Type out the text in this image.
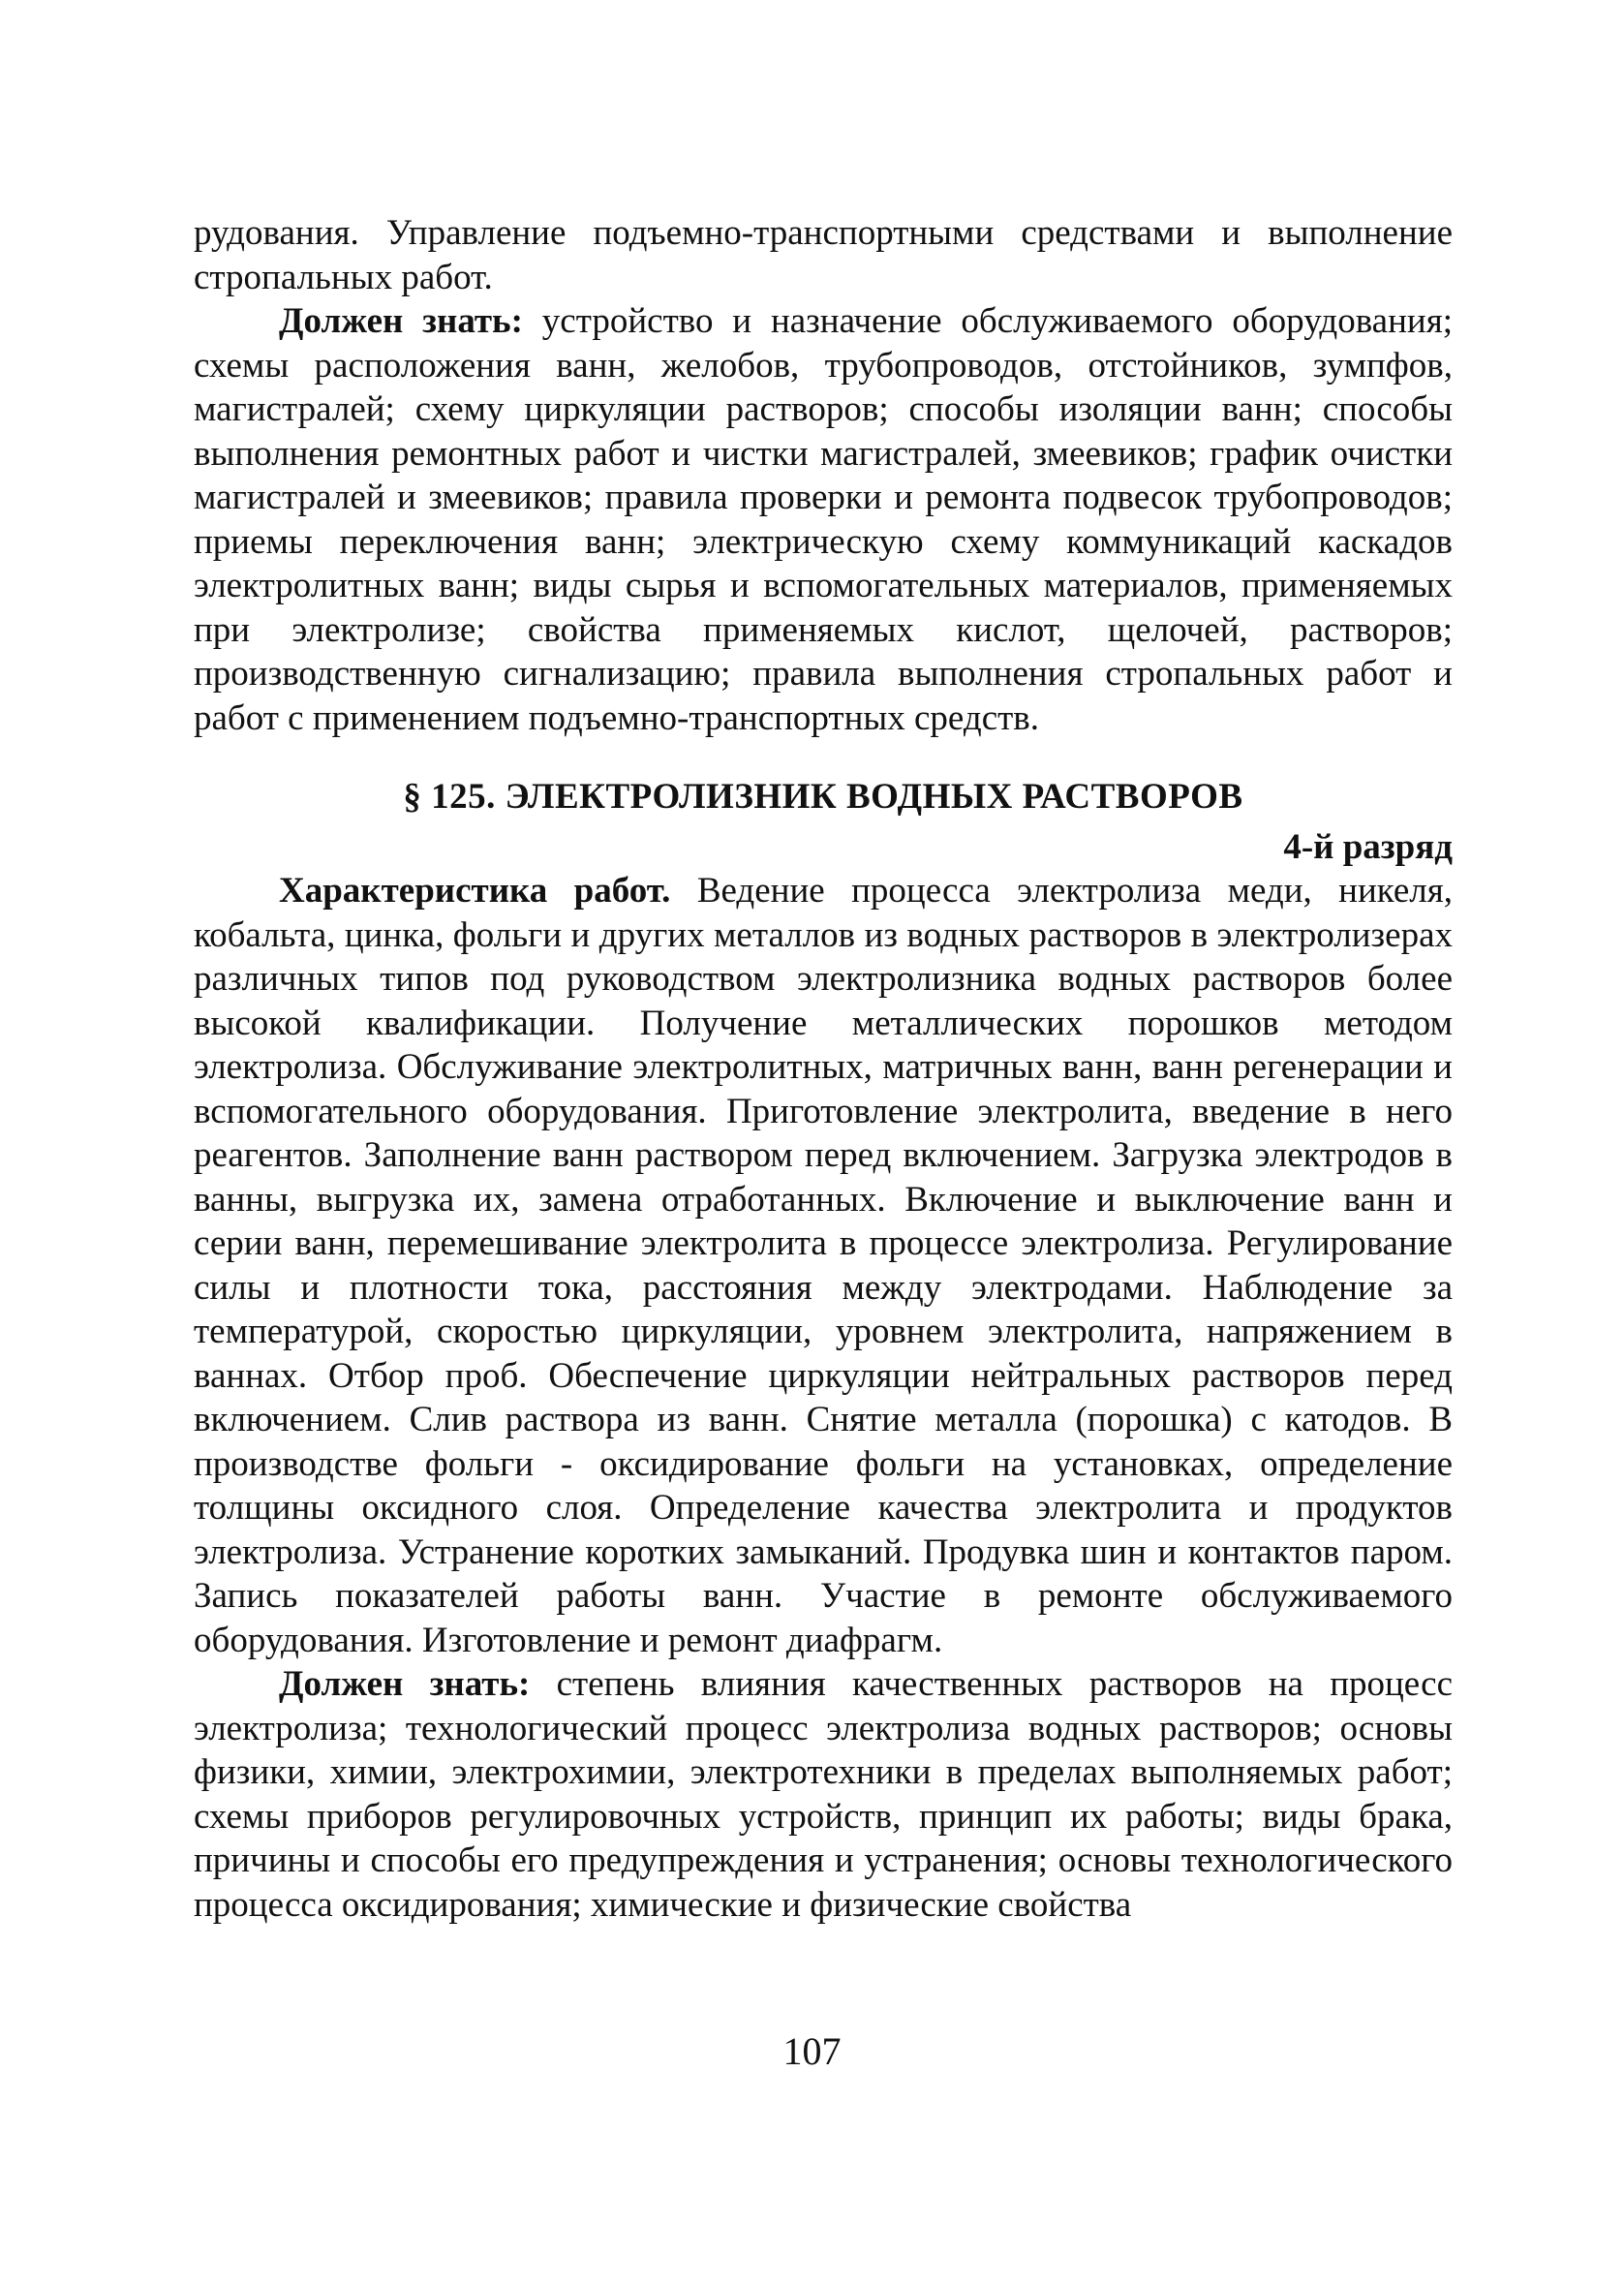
рудования. Управление подъемно-транспортными средствами и выполнение стропальных работ.

Должен знать: устройство и назначение обслуживаемого оборудования; схемы расположения ванн, желобов, трубопроводов, отстойников, зумпфов, магистралей; схему циркуляции растворов; способы изоляции ванн; способы выполнения ремонтных работ и чистки магистралей, змеевиков; график очистки магистралей и змеевиков; правила проверки и ремонта подвесок трубопроводов; приемы переключения ванн; электрическую схему коммуникаций каскадов электролитных ванн; виды сырья и вспомогательных материалов, применяемых при электролизе; свойства применяемых кислот, щелочей, растворов; производственную сигнализацию; правила выполнения стропальных работ и работ с применением подъемно-транспортных средств.

§ 125. ЭЛЕКТРОЛИЗНИК ВОДНЫХ РАСТВОРОВ

4-й разряд

Характеристика работ. Ведение процесса электролиза меди, никеля, кобальта, цинка, фольги и других металлов из водных растворов в электролизерах различных типов под руководством электролизника водных растворов более высокой квалификации. Получение металлических порошков методом электролиза. Обслуживание электролитных, матричных ванн, ванн регенерации и вспомогательного оборудования. Приготовление электролита, введение в него реагентов. Заполнение ванн раствором перед включением. Загрузка электродов в ванны, выгрузка их, замена отработанных. Включение и выключение ванн и серии ванн, перемешивание электролита в процессе электролиза. Регулирование силы и плотности тока, расстояния между электродами. Наблюдение за температурой, скоростью циркуляции, уровнем электролита, напряжением в ваннах. Отбор проб. Обеспечение циркуляции нейтральных растворов перед включением. Слив раствора из ванн. Снятие металла (порошка) с катодов. В производстве фольги - оксидирование фольги на установках, определение толщины оксидного слоя. Определение качества электролита и продуктов электролиза. Устранение коротких замыканий. Продувка шин и контактов паром. Запись показателей работы ванн. Участие в ремонте обслуживаемого оборудования. Изготовление и ремонт диафрагм.

Должен знать: степень влияния качественных растворов на процесс электролиза; технологический процесс электролиза водных растворов; основы физики, химии, электрохимии, электротехники в пределах выполняемых работ; схемы приборов регулировочных устройств, принцип их работы; виды брака, причины и способы его предупреждения и устранения; основы технологического процесса оксидирования; химические и физические свойства

107
